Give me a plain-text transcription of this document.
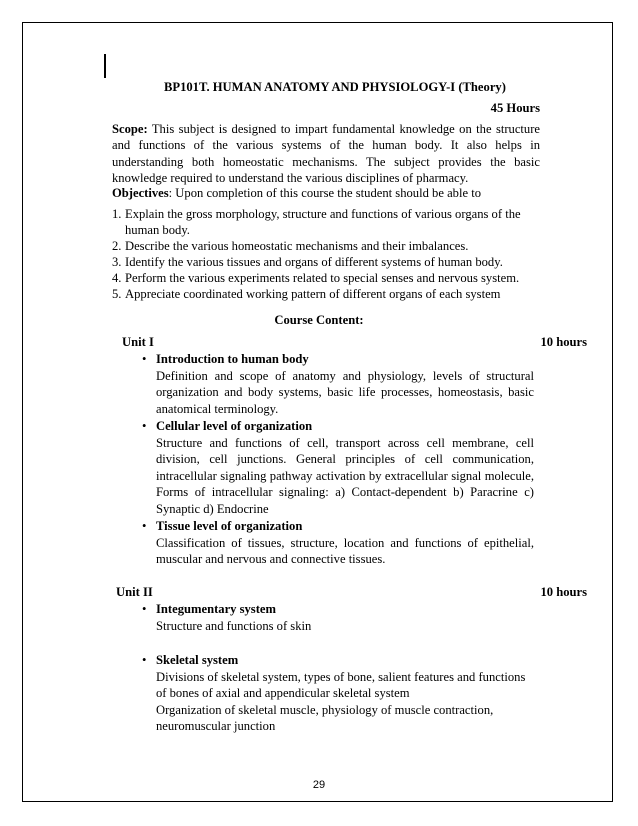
BP101T. HUMAN ANATOMY AND PHYSIOLOGY-I (Theory)
45 Hours
Scope: This subject is designed to impart fundamental knowledge on the structure and functions of the various systems of the human body. It also helps in understanding both homeostatic mechanisms. The subject provides the basic knowledge required to understand the various disciplines of pharmacy.
Objectives: Upon completion of this course the student should be able to
1. Explain the gross morphology, structure and functions of various organs of the human body.
2. Describe the various homeostatic mechanisms and their imbalances.
3. Identify the various tissues and organs of different systems of human body.
4. Perform the various experiments related to special senses and nervous system.
5. Appreciate coordinated working pattern of different organs of each system
Course Content:
Unit I	10 hours
• Introduction to human body
Definition and scope of anatomy and physiology, levels of structural organization and body systems, basic life processes, homeostasis, basic anatomical terminology.
• Cellular level of organization
Structure and functions of cell, transport across cell membrane, cell division, cell junctions. General principles of cell communication, intracellular signaling pathway activation by extracellular signal molecule, Forms of intracellular signaling: a) Contact-dependent b) Paracrine c) Synaptic d) Endocrine
• Tissue level of organization
Classification of tissues, structure, location and functions of epithelial, muscular and nervous and connective tissues.
Unit II	10 hours
• Integumentary system
Structure and functions of skin
• Skeletal system
Divisions of skeletal system, types of bone, salient features and functions of bones of axial and appendicular skeletal system
Organization of skeletal muscle, physiology of muscle contraction, neuromuscular junction
29
